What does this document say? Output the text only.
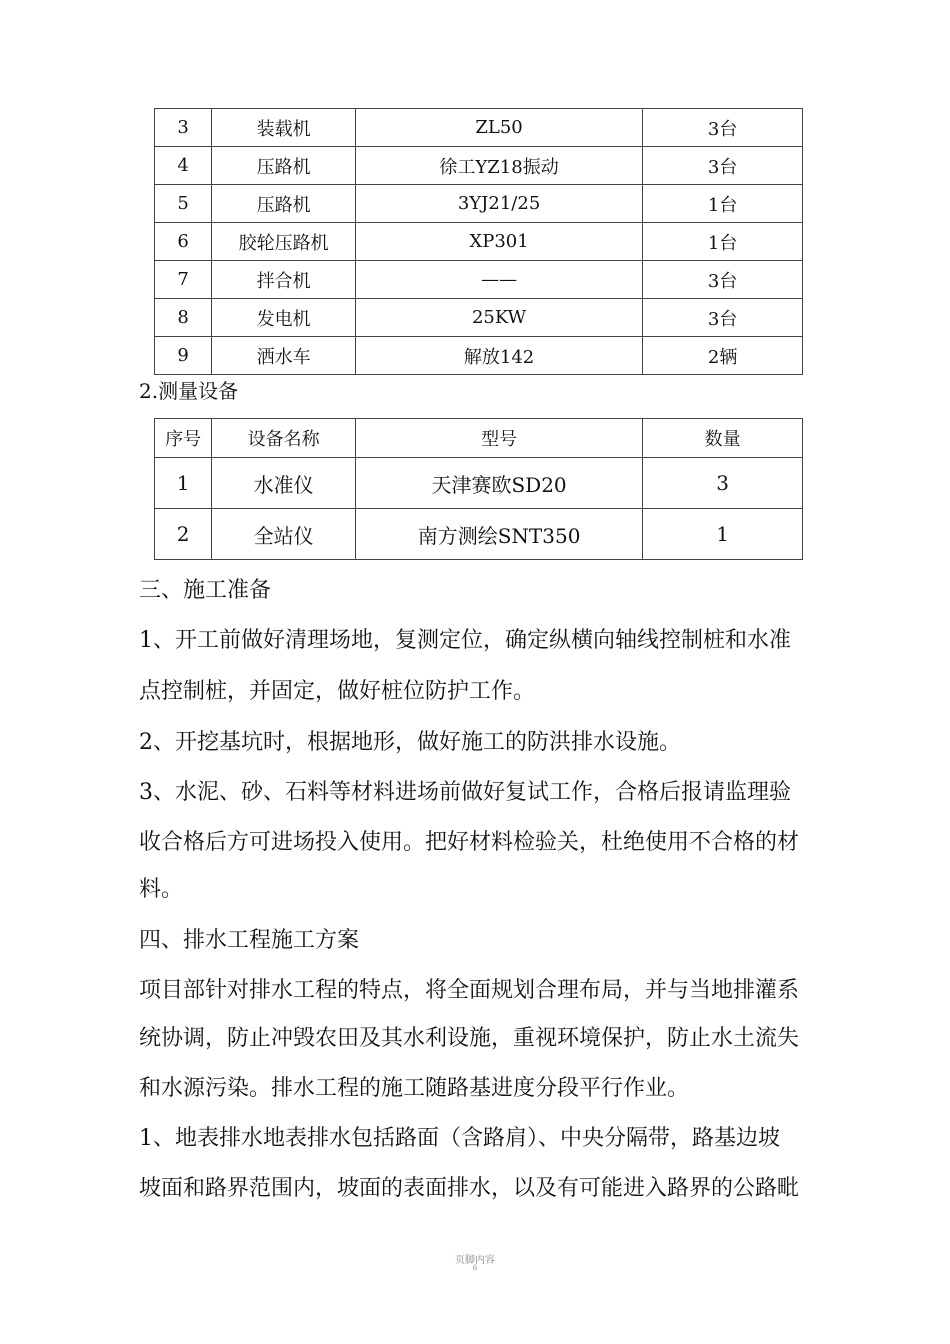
3	装载机	ZL50	3台
4	压路机	徐工YZ18振动	3台
5	压路机	3YJ21/25	1台
6	胶轮压路机	XP301	1台
7	拌合机	——	3台
8	发电机	25KW	3台
9	洒水车	解放142	2辆
2.测量设备
序号	设备名称	型号	数量
1	水准仪	天津赛欧SD20	3
2	全站仪	南方测绘SNT350	1
三、施工准备
1、开工前做好清理场地，复测定位，确定纵横向轴线控制桩和水准
点控制桩，并固定，做好桩位防护工作。
2、开挖基坑时，根据地形，做好施工的防洪排水设施。
3、水泥、砂、石料等材料进场前做好复试工作，合格后报请监理验
收合格后方可进场投入使用。把好材料检验关，杜绝使用不合格的材
料。
四、排水工程施工方案
项目部针对排水工程的特点，将全面规划合理布局，并与当地排灌系
统协调，防止冲毁农田及其水利设施，重视环境保护，防止水土流失
和水源污染。排水工程的施工随路基进度分段平行作业。
1、地表排水地表排水包括路面（含路肩）、中央分隔带，路基边坡
坡面和路界范围内，坡面的表面排水，以及有可能进入路界的公路毗
页脚内容
6
